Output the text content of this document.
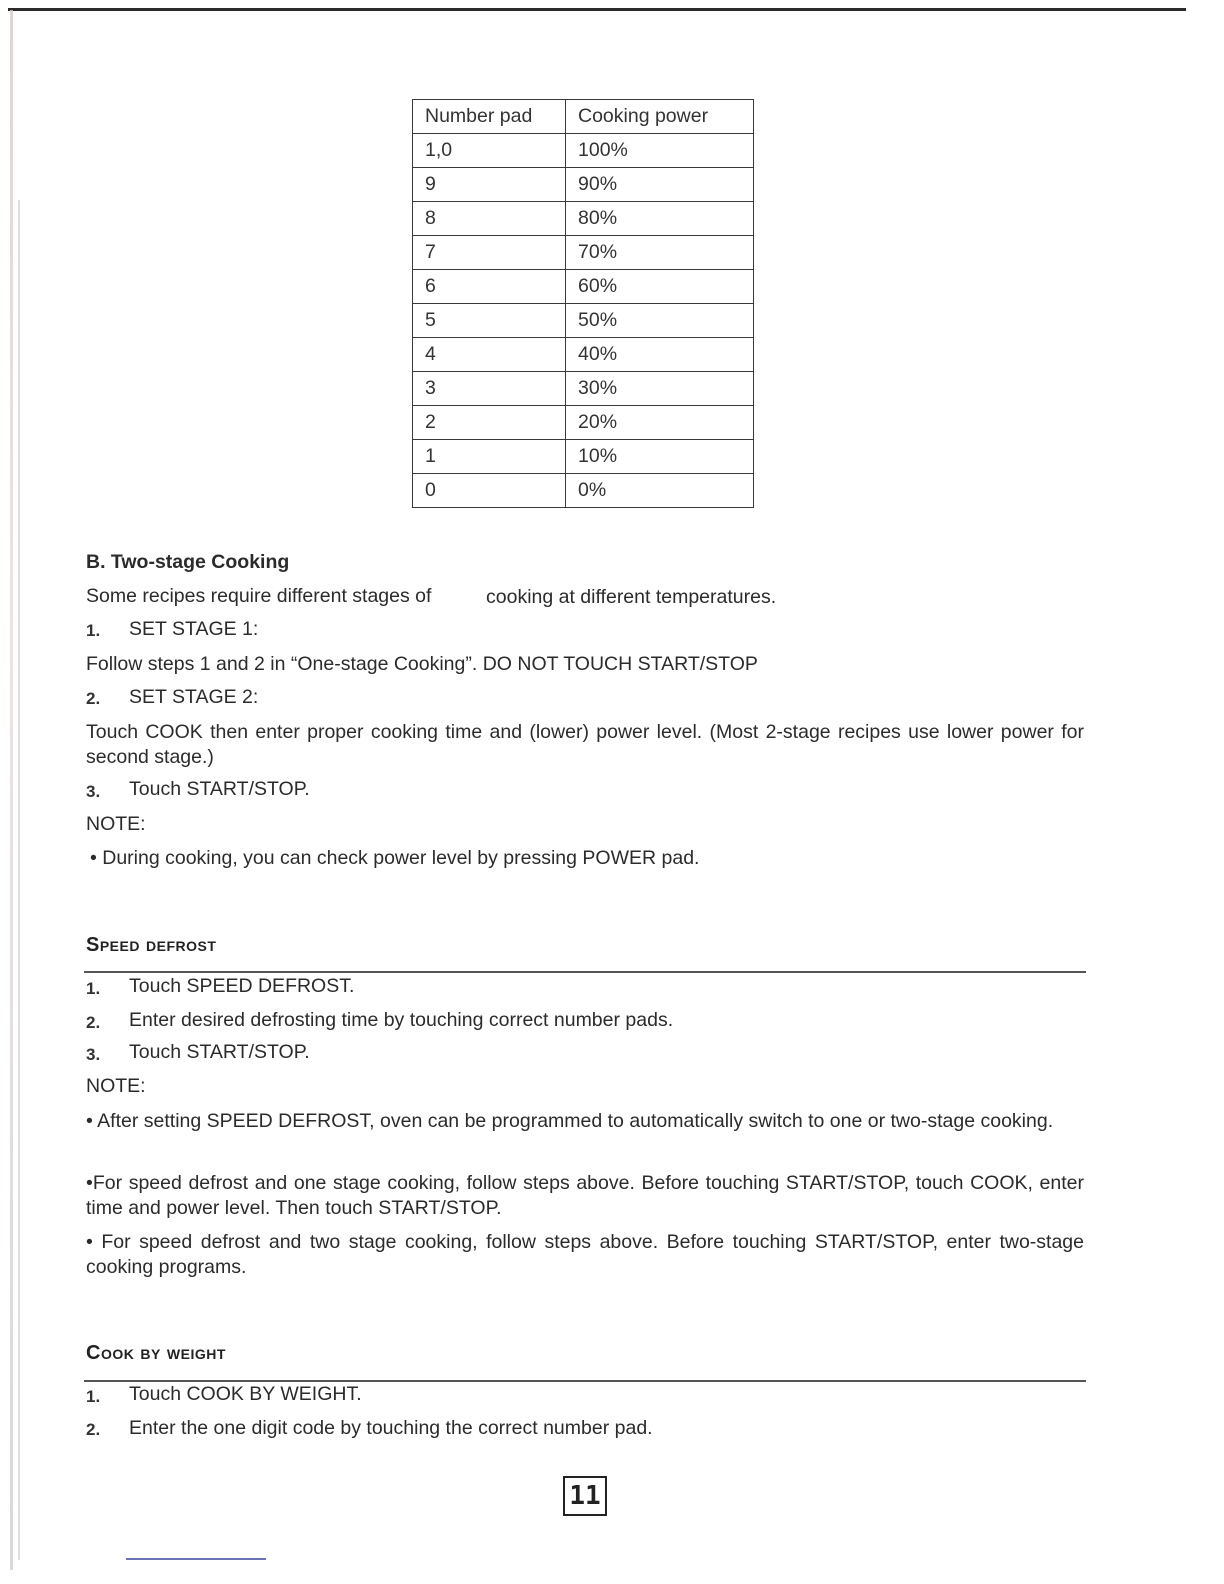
Number pad	Cooking power
1,0	100%
9	90%
8	80%
7	70%
6	60%
5	50%
4	40%
3	30%
2	20%
1	10%
0	0%
B. Two-stage Cooking
Some recipes require different stages of	cooking at different temperatures.
1. SET STAGE 1:
Follow steps 1 and 2 in “One-stage Cooking”. DO NOT TOUCH START/STOP
2. SET STAGE 2:
Touch COOK then enter proper cooking time and (lower) power level. (Most 2-stage recipes use lower power for second stage.)
3. Touch START/STOP.
NOTE:
• During cooking, you can check power level by pressing POWER pad.
Speed defrost
1. Touch SPEED DEFROST.
2. Enter desired defrosting time by touching correct number pads.
3. Touch START/STOP.
NOTE:
• After setting SPEED DEFROST, oven can be programmed to automatically switch to one or two-stage cooking.
•For speed defrost and one stage cooking, follow steps above. Before touching START/STOP, touch COOK, enter time and power level. Then touch START/STOP.
• For speed defrost and two stage cooking, follow steps above. Before touching START/STOP, enter two-stage cooking programs.
Cook by weight
1. Touch COOK BY WEIGHT.
2. Enter the one digit code by touching the correct number pad.
11
